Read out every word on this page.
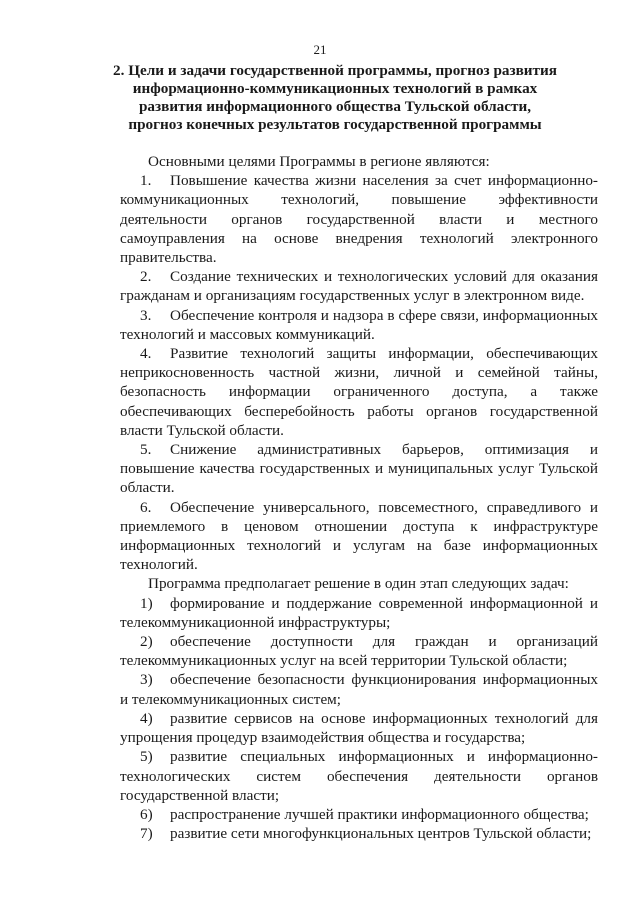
21
2. Цели и задачи государственной программы, прогноз развития информационно-коммуникационных технологий в рамках развития информационного общества Тульской области, прогноз конечных результатов государственной программы

Основными целями Программы в регионе являются:

1. Повышение качества жизни населения за счет информационно-коммуникационных технологий, повышение эффективности деятельности органов государственной власти и местного самоуправления на основе внедрения технологий электронного правительства.

2. Создание технических и технологических условий для оказания гражданам и организациям государственных услуг в электронном виде.

3. Обеспечение контроля и надзора в сфере связи, информационных технологий и массовых коммуникаций.

4. Развитие технологий защиты информации, обеспечивающих неприкосновенность частной жизни, личной и семейной тайны, безопасность информации ограниченного доступа, а также обеспечивающих бесперебойность работы органов государственной власти Тульской области.

5. Снижение административных барьеров, оптимизация и повышение качества государственных и муниципальных услуг Тульской области.

6. Обеспечение универсального, повсеместного, справедливого и приемлемого в ценовом отношении доступа к инфраструктуре информационных технологий и услугам на базе информационных технологий.

Программа предполагает решение в один этап следующих задач:

1) формирование и поддержание современной информационной и телекоммуникационной инфраструктуры;

2) обеспечение доступности для граждан и организаций телекоммуникационных услуг на всей территории Тульской области;

3) обеспечение безопасности функционирования информационных и телекоммуникационных систем;

4) развитие сервисов на основе информационных технологий для упрощения процедур взаимодействия общества и государства;

5) развитие специальных информационных и информационно-технологических систем обеспечения деятельности органов государственной власти;

6) распространение лучшей практики информационного общества;

7) развитие сети многофункциональных центров Тульской области;
